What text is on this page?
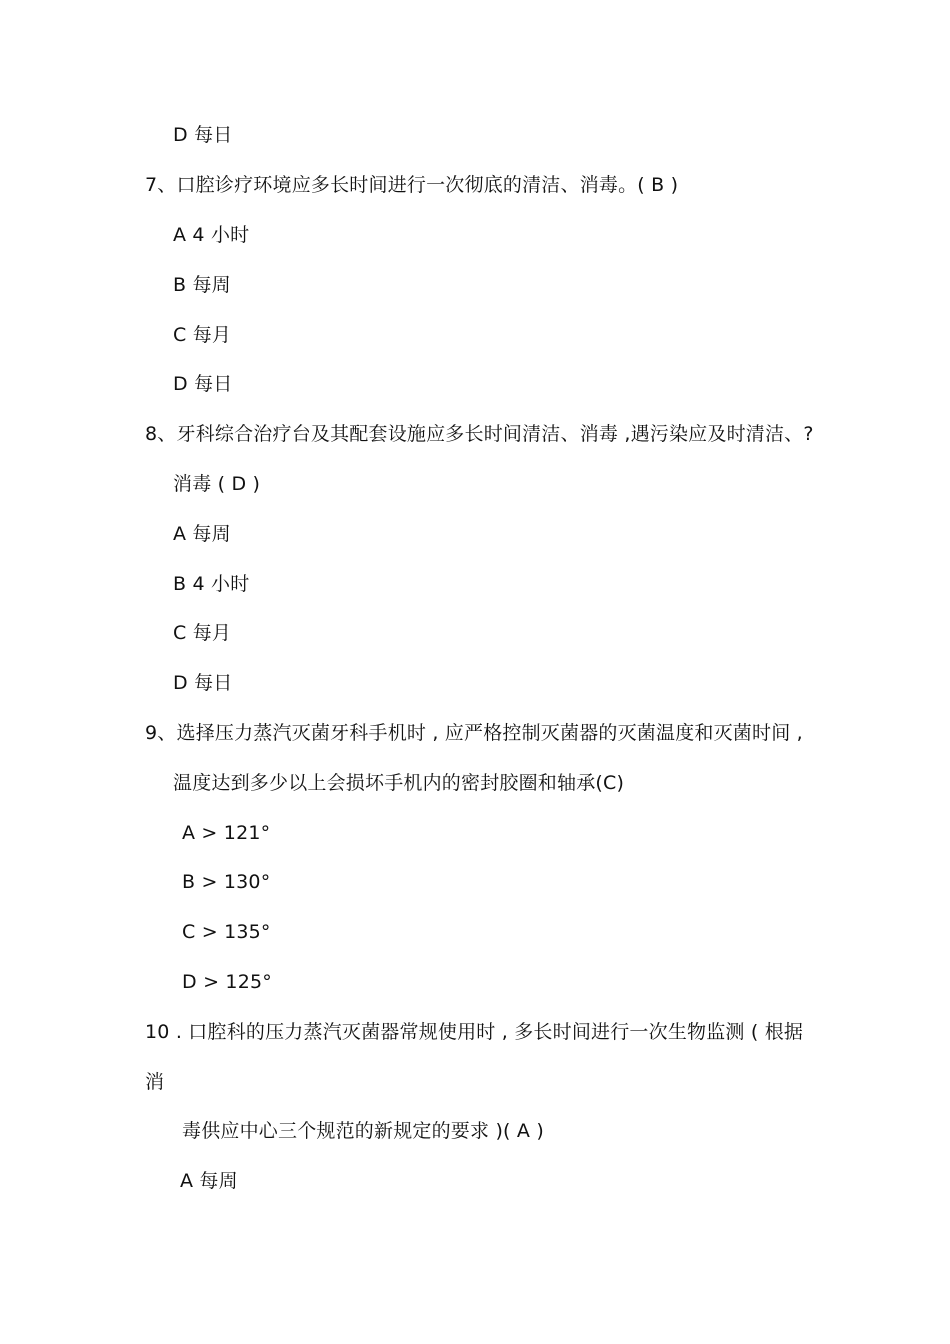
D 每日
7、口腔诊疗环境应多长时间进行一次彻底的清洁、消毒。( B )
A 4 小时
B 每周
C 每月
D 每日
8、牙科综合治疗台及其配套设施应多长时间清洁、消毒 ,遇污染应及时清洁、?
消毒 ( D )
A 每周
B 4 小时
C 每月
D 每日
9、选择压力蒸汽灭菌牙科手机时 , 应严格控制灭菌器的灭菌温度和灭菌时间 ,
温度达到多少以上会损坏手机内的密封胶圈和轴承(C)
A > 121°
B > 130°
C > 135°
D > 125°
10 . 口腔科的压力蒸汽灭菌器常规使用时 , 多长时间进行一次生物监测 ( 根据
消
毒供应中心三个规范的新规定的要求 )( A )
A 每周
